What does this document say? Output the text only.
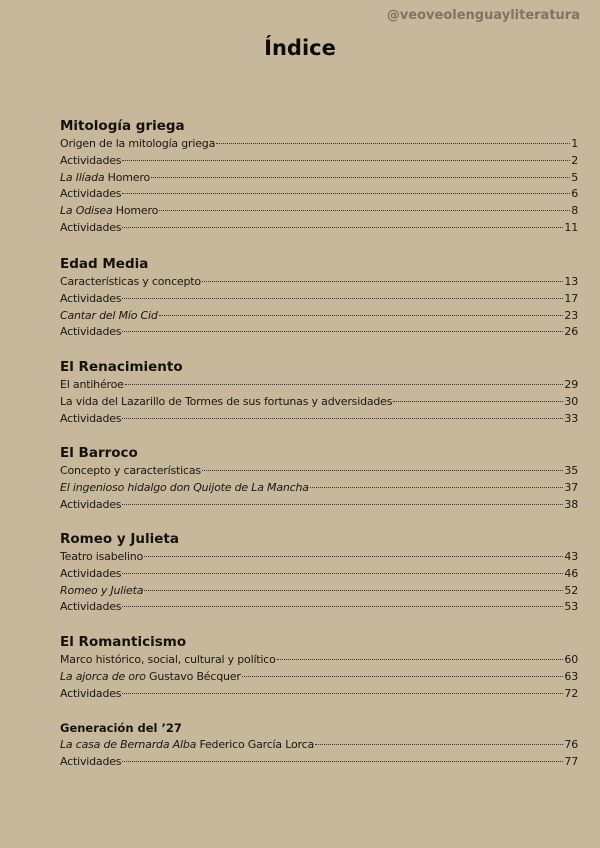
@veoveolenguayliteratura
Índice
Mitología griega
Origen de la mitología griega	1
Actividades	2
La Ilíada Homero	5
Actividades	6
La Odisea Homero	8
Actividades	11
Edad Media
Características y concepto	13
Actividades	17
Cantar del Mío Cid	23
Actividades	26
El Renacimiento
El antihéroe	29
La vida del Lazarillo de Tormes de sus fortunas y adversidades	30
Actividades	33
El Barroco
Concepto y características	35
El ingenioso hidalgo don Quijote de La Mancha	37
Actividades	38
Romeo y Julieta
Teatro isabelino	43
Actividades	46
Romeo y Julieta	52
Actividades	53
El Romanticismo
Marco histórico, social, cultural y político	60
La ajorca de oro Gustavo Bécquer	63
Actividades	72
Generación del ’27
La casa de Bernarda Alba Federico García Lorca	76
Actividades	77
